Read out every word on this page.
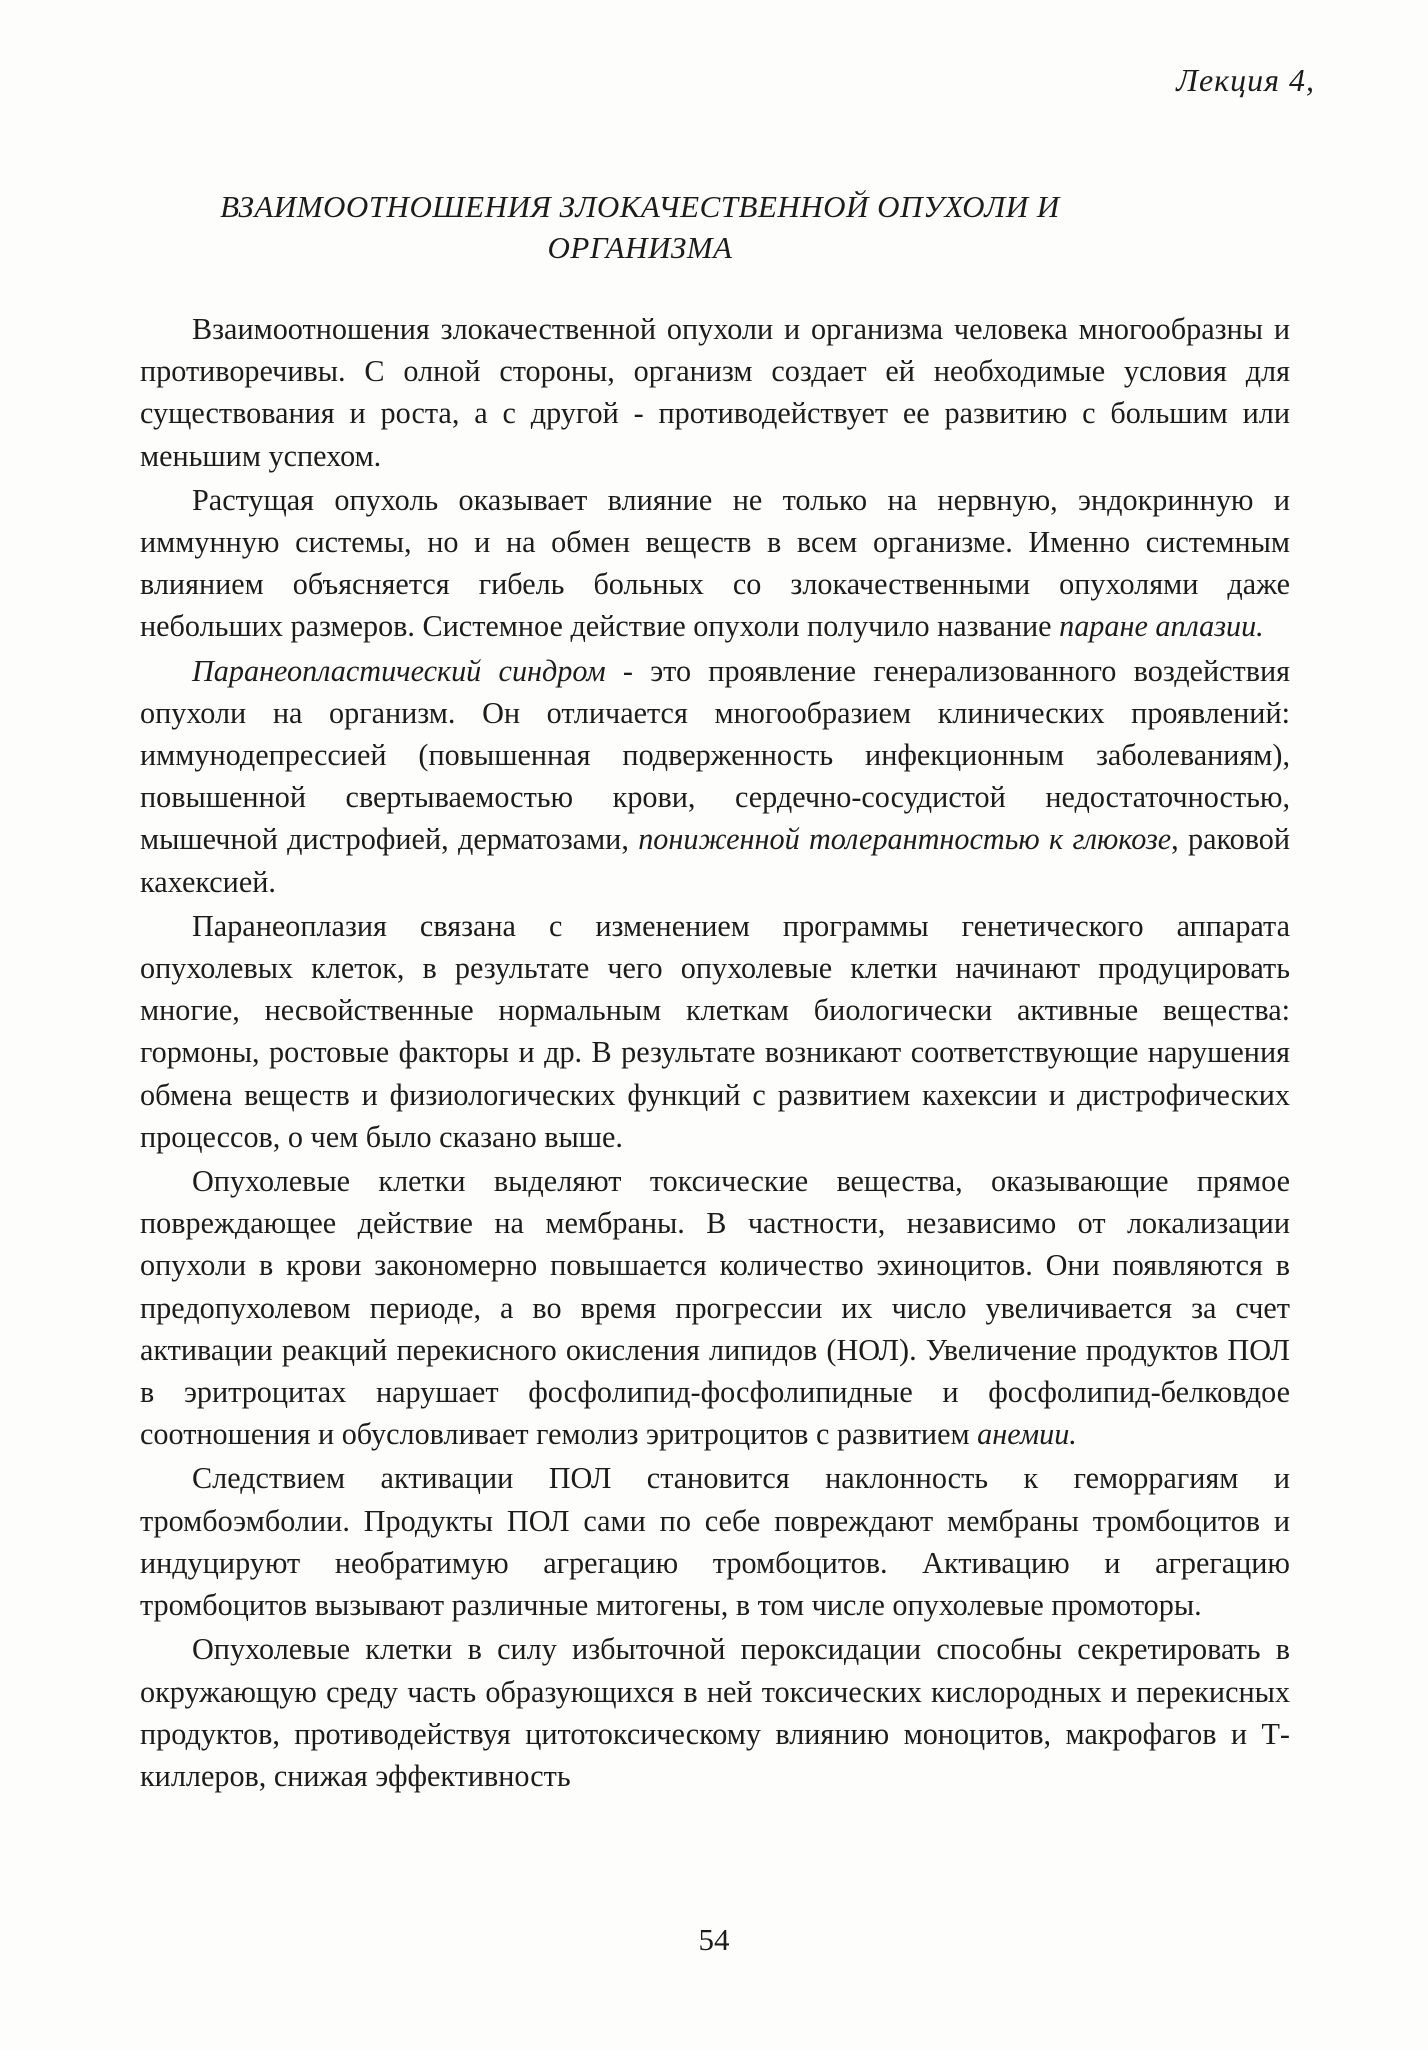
Лекция 4,
ВЗАИМООТНОШЕНИЯ ЗЛОКАЧЕСТВЕННОЙ ОПУХОЛИ И
ОРГАНИЗМА

Взаимоотношения злокачественной опухоли и организма человека многообразны и противоречивы. С олной стороны, организм создает ей необходимые условия для существования и роста, а с другой - противодействует ее развитию с большим или меньшим успехом.

Растущая опухоль оказывает влияние не только на нервную, эндокринную и иммунную системы, но и на обмен веществ в всем организме. Именно системным влиянием объясняется гибель больных со злокачественными опухолями даже небольших размеров. Системное действие опухоли получило название паране аплазии.

Паранеопластический синдром - это проявление генерализованного воздействия опухоли на организм. Он отличается многообразием клинических проявлений: иммунодепрессией (повышенная подверженность инфекционным заболеваниям), повышенной свертываемостью крови, сердечно-сосудистой недостаточностью, мышечной дистрофией, дерматозами, пониженной толерантностью к глюкозе, раковой кахексией.

Паранеоплазия связана с изменением программы генетического аппарата опухолевых клеток, в результате чего опухолевые клетки начинают продуцировать многие, несвойственные нормальным клеткам биологически активные вещества: гормоны, ростовые факторы и др. В результате возникают соответствующие нарушения обмена веществ и физиологических функций с развитием кахексии и дистрофических процессов, о чем было сказано выше.

Опухолевые клетки выделяют токсические вещества, оказывающие прямое повреждающее действие на мембраны. В частности, независимо от локализации опухоли в крови закономерно повышается количество эхиноцитов. Они появляются в предопухолевом периоде, а во время прогрессии их число увеличивается за счет активации реакций перекисного окисления липидов (НОЛ). Увеличение продуктов ПОЛ в эритроцитах нарушает фосфолипид-фосфолипидные и фосфолипид-белковдое соотношения и обусловливает гемолиз эритроцитов с развитием анемии.

Следствием активации ПОЛ становится наклонность к геморрагиям и тромбоэмболии. Продукты ПОЛ сами по себе повреждают мембраны тромбоцитов и индуцируют необратимую агрегацию тромбоцитов. Активацию и агрегацию тромбоцитов вызывают различные митогены, в том числе опухолевые промоторы.

Опухолевые клетки в силу избыточной пероксидации способны секретировать в окружающую среду часть образующихся в ней токсических кислородных и перекисных продуктов, противодействуя цитотоксическому влиянию моноцитов, макрофагов и Т-киллеров, снижая эффективность

54
